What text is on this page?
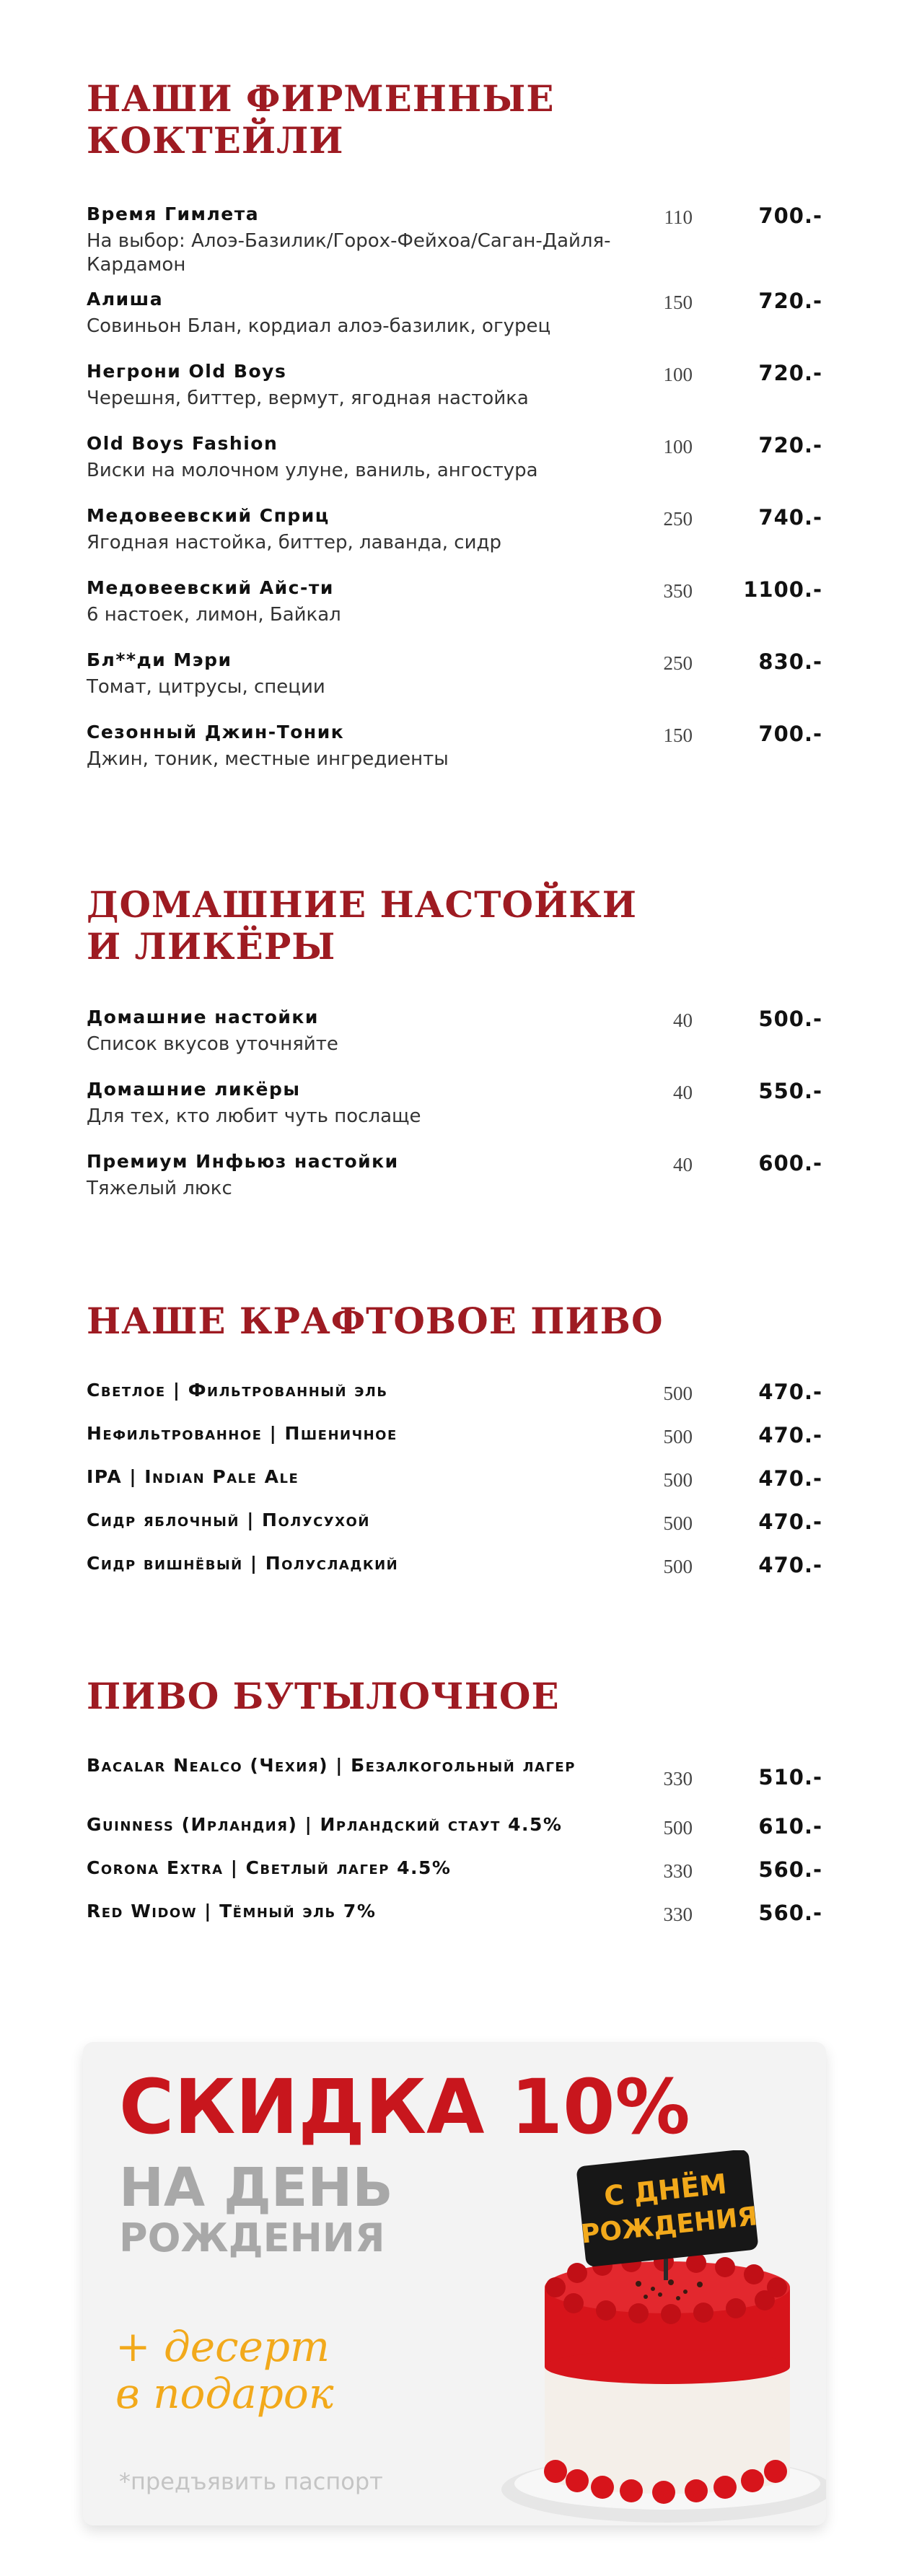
НАШИ ФИРМЕННЫЕ
КОКТЕЙЛИ
Время Гимлета
На выбор: Алоэ-Базилик/Горох-Фейхоа/Саган-Дайля-Кардамон
110	700.-
Алиша
Совиньон Блан, кордиал алоэ-базилик, огурец
150	720.-
Негрони Old Boys
Черешня, биттер, вермут, ягодная настойка
100	720.-
Old Boys Fashion
Виски на молочном улуне, ваниль, ангостура
100	720.-
Медовеевский Сприц
Ягодная настойка, биттер, лаванда, сидр
250	740.-
Медовеевский Айс-ти
6 настоек, лимон, Байкал
350 1100.-
Бл**ди Мэри
Томат, цитрусы, специи
250	830.-
Сезонный Джин-Тоник
Джин, тоник, местные ингредиенты
150	700.-
ДОМАШНИЕ НАСТОЙКИ
И ЛИКЁРЫ
Домашние настойки
Список вкусов уточняйте
40	500.-
Домашние ликёры
Для тех, кто любит чуть послаще
40	550.-
Премиум Инфьюз настойки
Тяжелый люкс
40	600.-
НАШЕ КРАФТОВОЕ ПИВО
Светлое | Фильтрованный эль	500	470.-
Нефильтрованное | Пшеничное	500	470.-
IPA | Indian Pale Ale	500	470.-
Сидр яблочный | Полусухой	500	470.-
Сидр вишнёвый | Полусладкий	500	470.-
ПИВО БУТЫЛОЧНОЕ
Bacalar Nealco (Чехия) | Безалкогольный лагер
330	510.-
Guinness (Ирландия) | Ирландский стаут 4.5%	500	610.-
Corona Extra | Светлый лагер 4.5%	330	560.-
Red Widow | Тёмный эль 7%	330	560.-
СКИДКА 10%
НА ДЕНЬ
РОЖДЕНИЯ
+ десерт
в подарок
*предъявить паспорт
С ДНЁМ
РОЖДЕНИЯ
